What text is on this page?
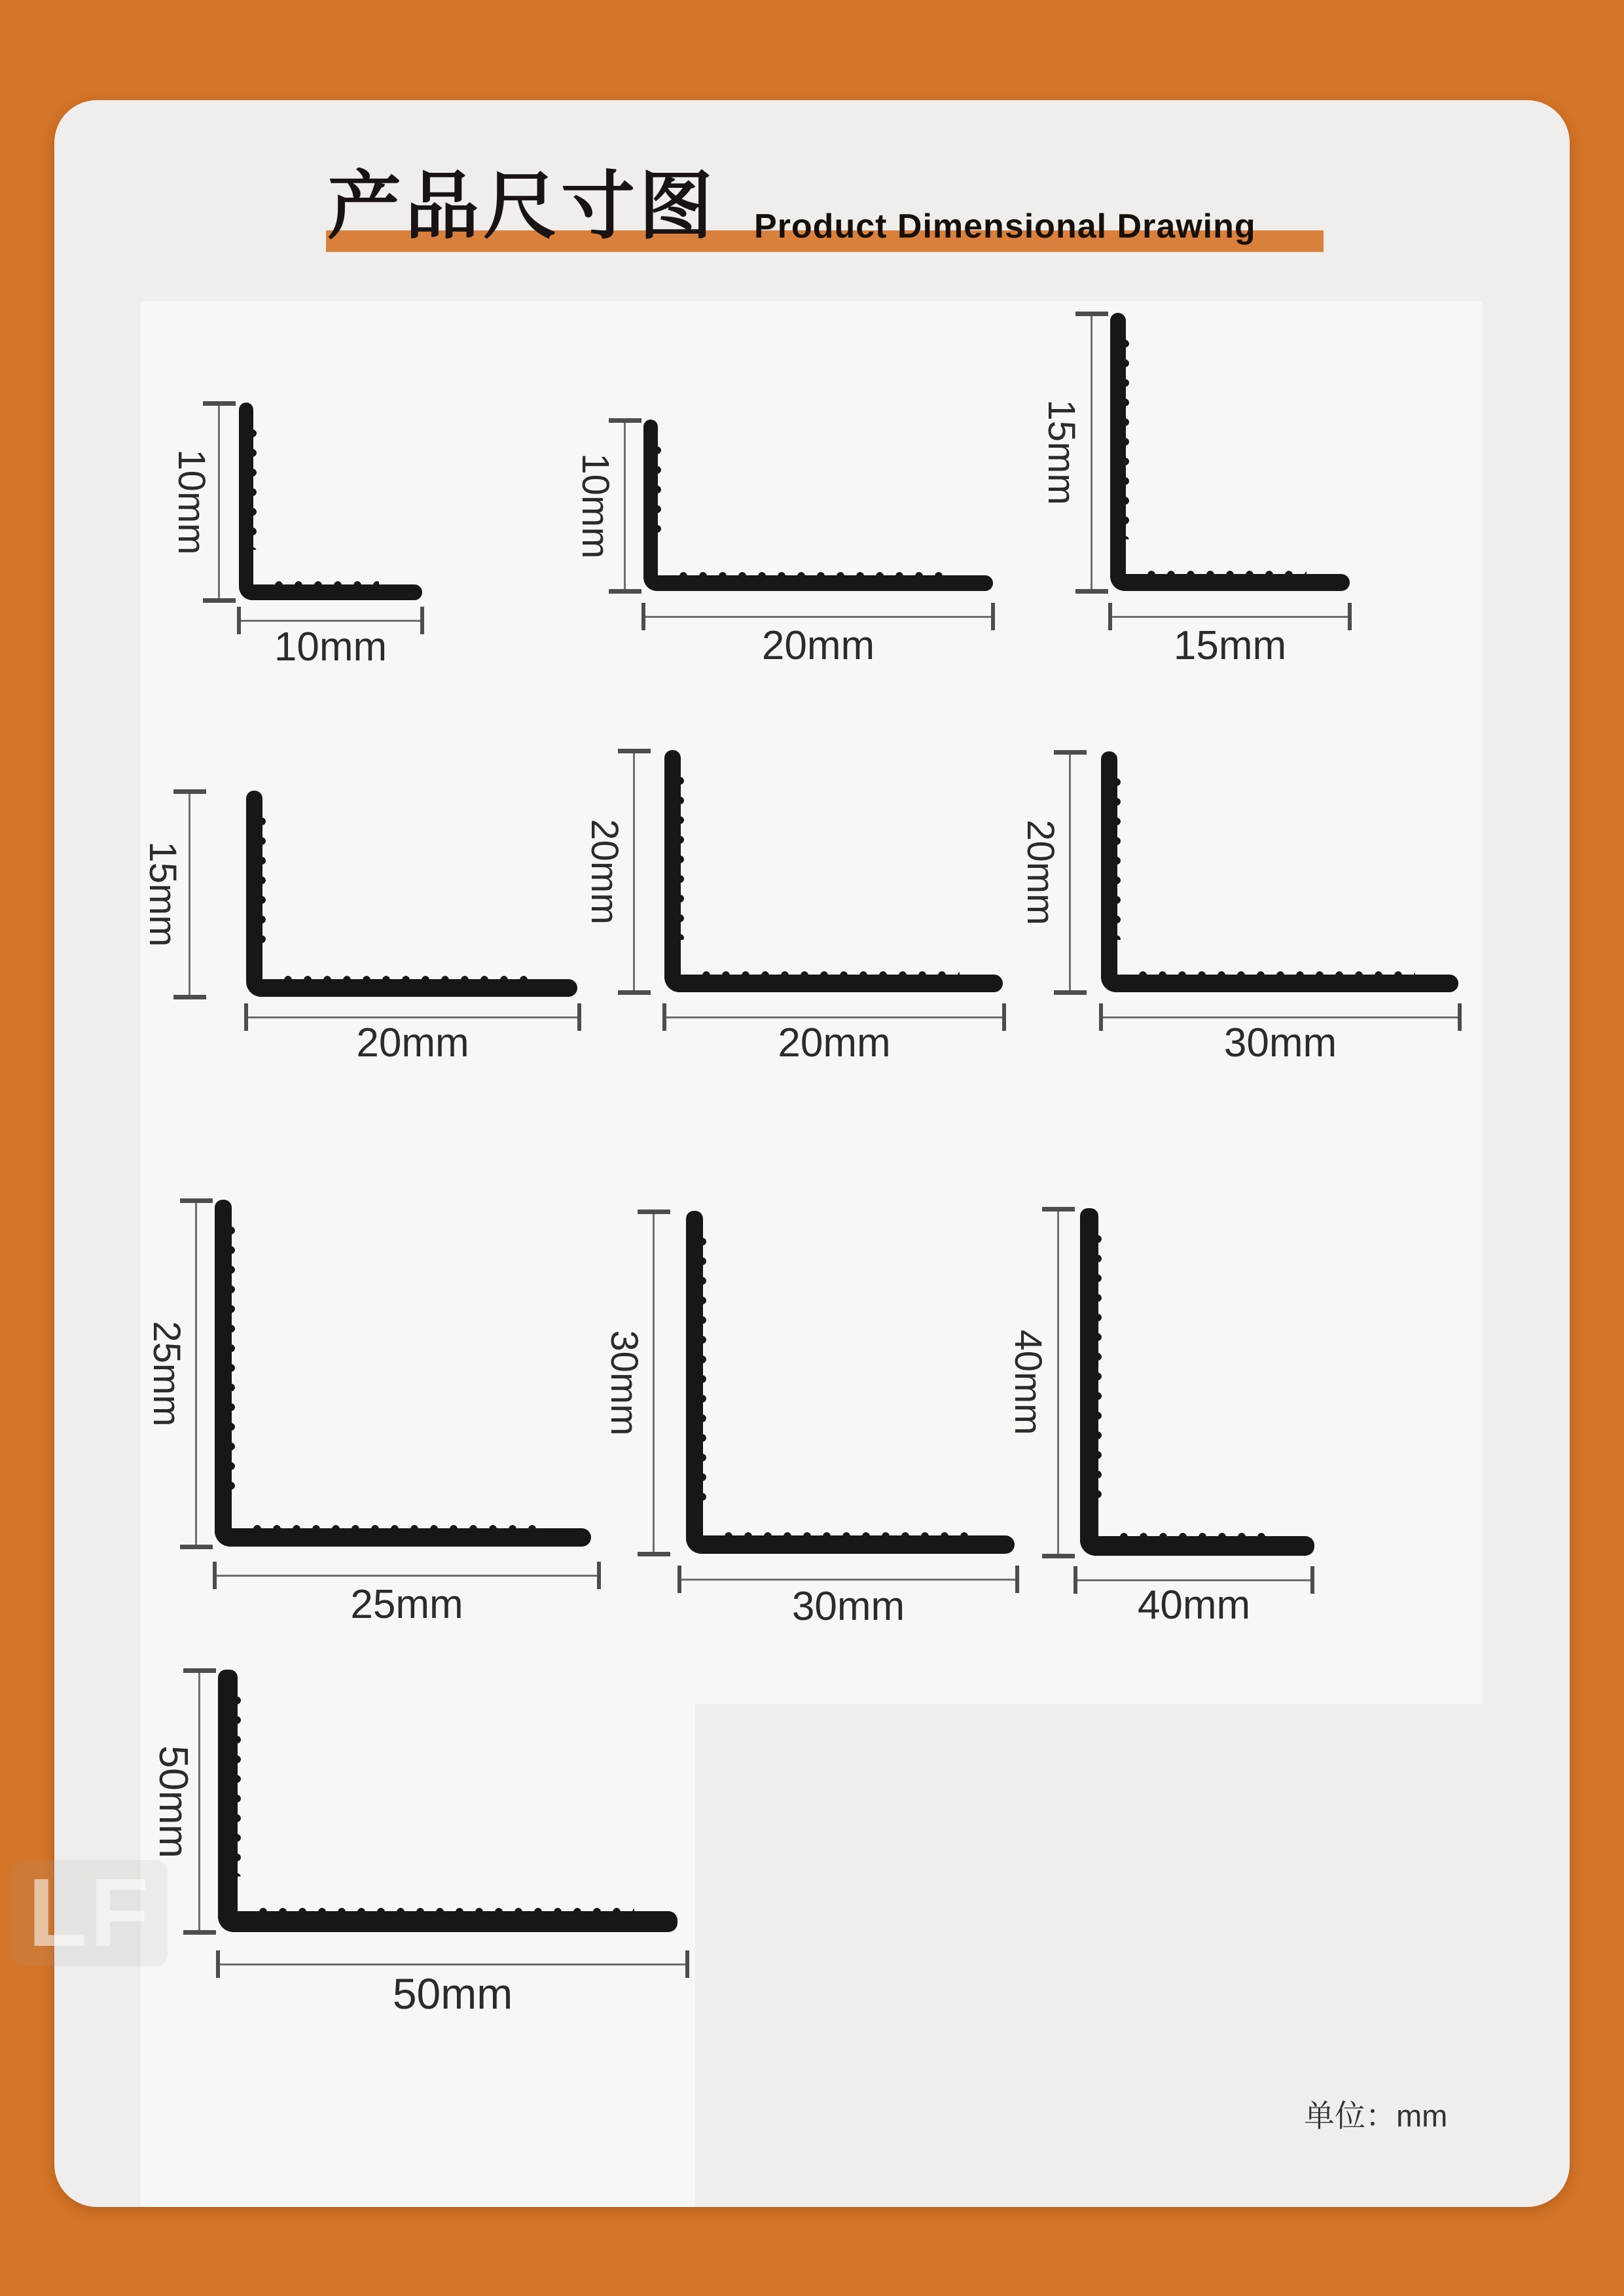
产品尺寸图 Product Dimensional Drawing
10mm
10mm
10mm
20mm
15mm
15mm
15mm
20mm
20mm
20mm
20mm
30mm
25mm
25mm
30mm
30mm
40mm
40mm
50mm
50mm
LF
单位：mm
